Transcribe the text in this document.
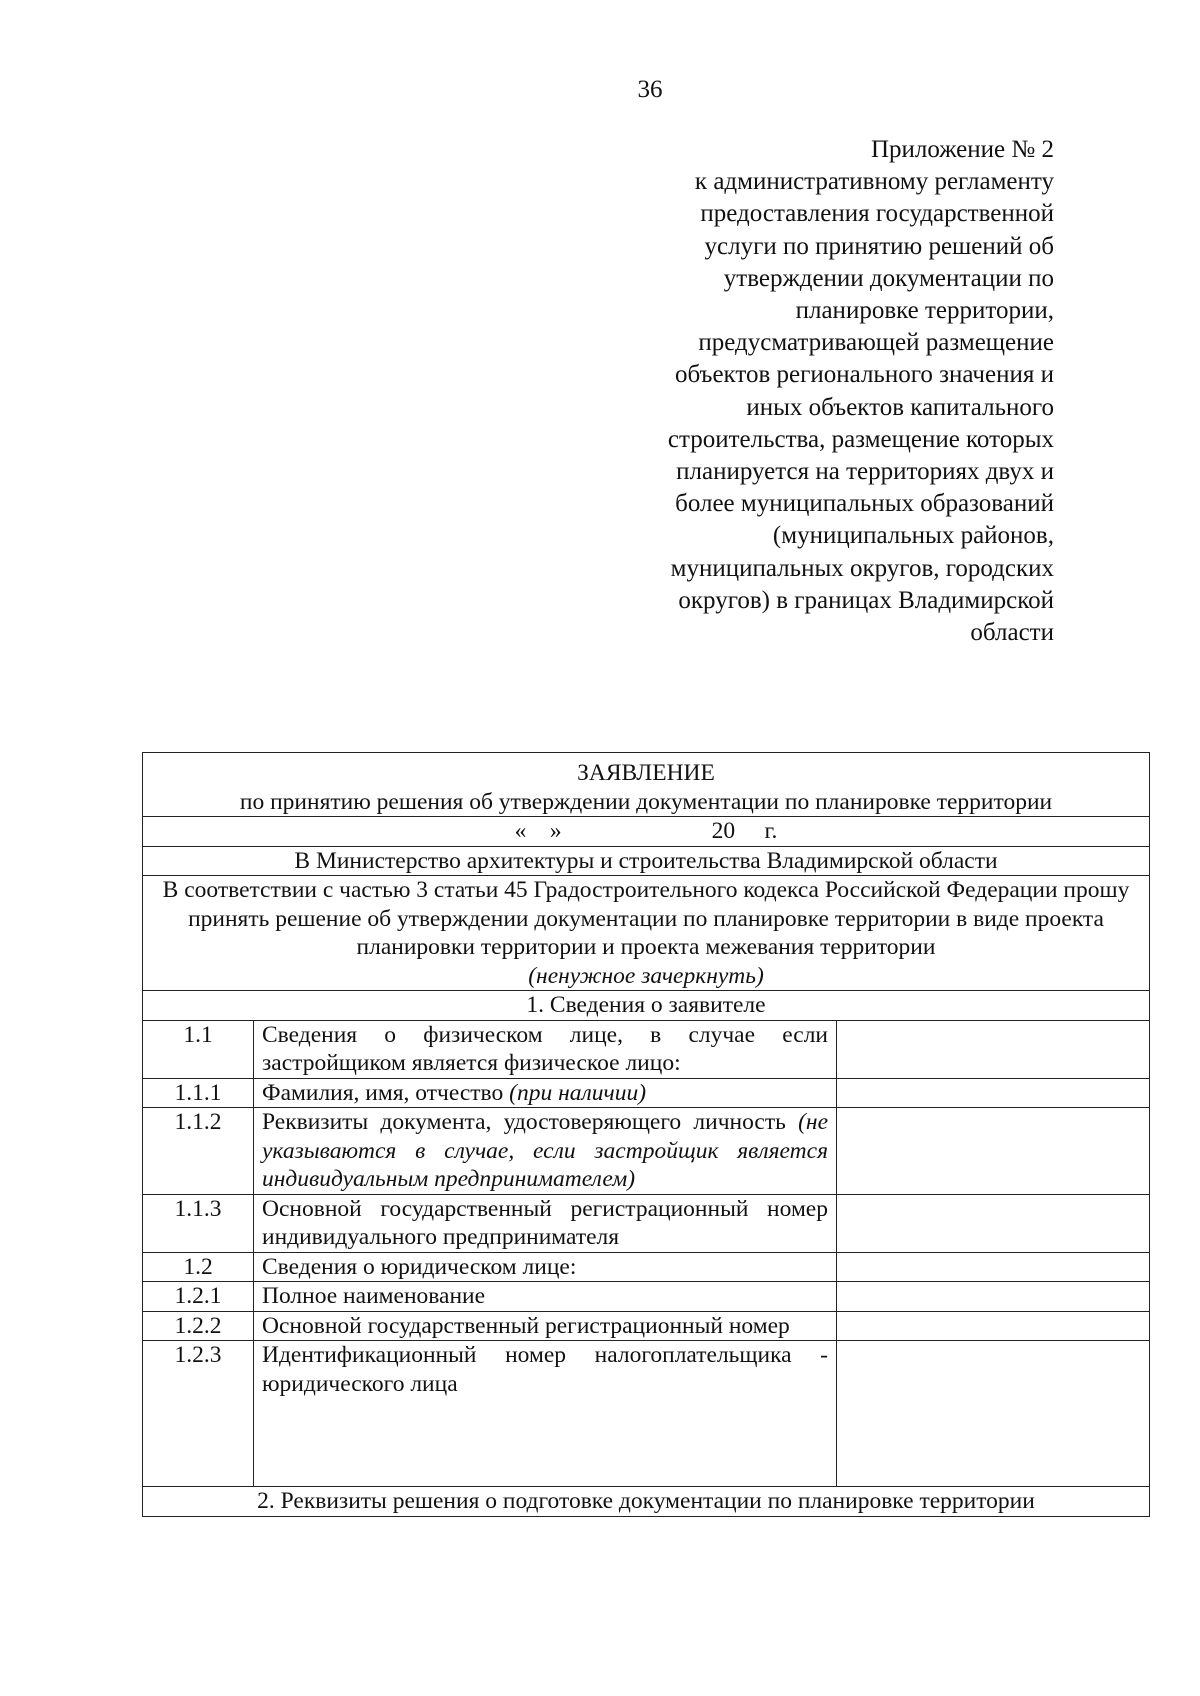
36
Приложение № 2
к административному регламенту
предоставления государственной
услуги по принятию решений об
утверждении документации по
планировке территории,
предусматривающей размещение
объектов регионального значения и
иных объектов капитального
строительства, размещение которых
планируется на территориях двух и
более муниципальных образований
(муниципальных районов,
муниципальных округов, городских
округов) в границах Владимирской
области
ЗАЯВЛЕНИЕ
по принятию решения об утверждении документации по планировке территории		

« » 20 г.		
В Министерство архитектуры и строительства Владимирской области		

В соответствии с частью 3 статьи 45 Градостроительного кодекса Российской Федерации прошу принять решение об утверждении документации по планировке территории в виде проекта планировки территории и проекта межевания территории
(ненужное зачеркнуть)		

1. Сведения о заявителе		
1.1	Сведения о физическом лице, в случае если застройщиком является физическое лицо:	
1.1.1	Фамилия, имя, отчество (при наличии)	
1.1.2	Реквизиты документа, удостоверяющего личность (не указываются в случае, если застройщик является индивидуальным предпринимателем)	
1.1.3	Основной государственный регистрационный номер индивидуального предпринимателя	
1.2	Сведения о юридическом лице:	
1.2.1	Полное наименование	
1.2.2	Основной государственный регистрационный номер	
1.2.3	Идентификационный номер налогоплательщика - юридического лица	
2. Реквизиты решения о подготовке документации по планировке территории		
